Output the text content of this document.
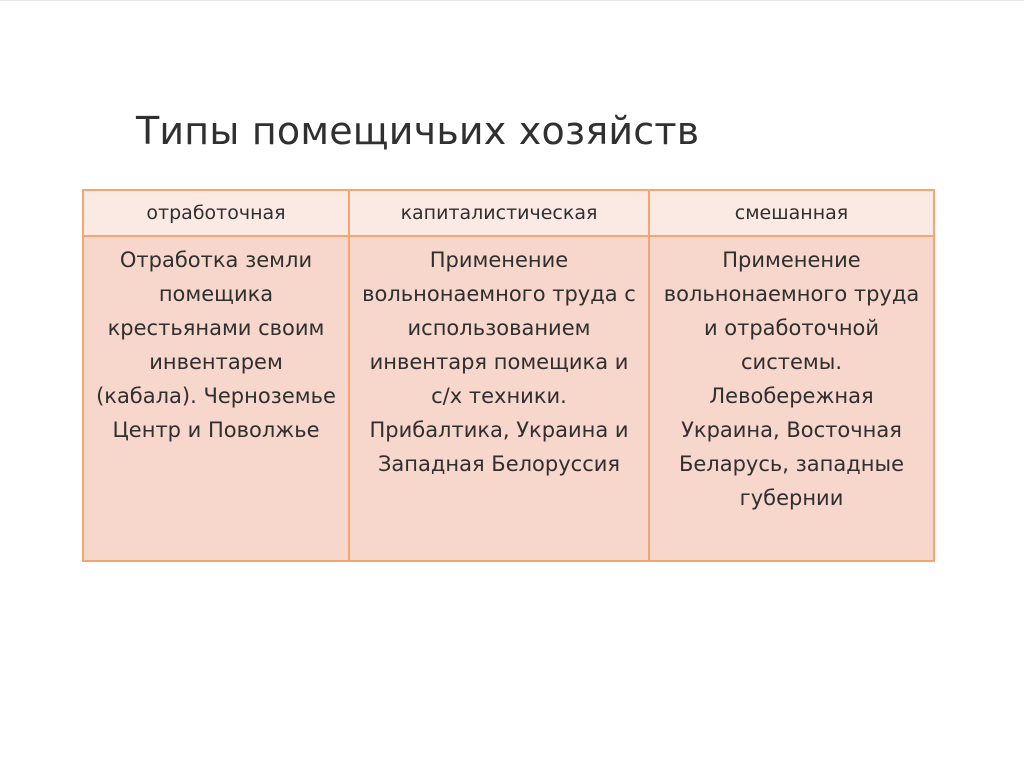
Типы помещичьих хозяйств
отработочная	капиталистическая	смешанная
Отработка земли помещика крестьянами своим инвентарем (кабала). Черноземье Центр и Поволжье	Применение вольнонаемного труда с использованием инвентаря помещика и с/х техники. Прибалтика, Украина и Западная Белоруссия	Применение вольнонаемного труда и отработочной системы. Левобережная Украина, Восточная Беларусь, западные губернии
